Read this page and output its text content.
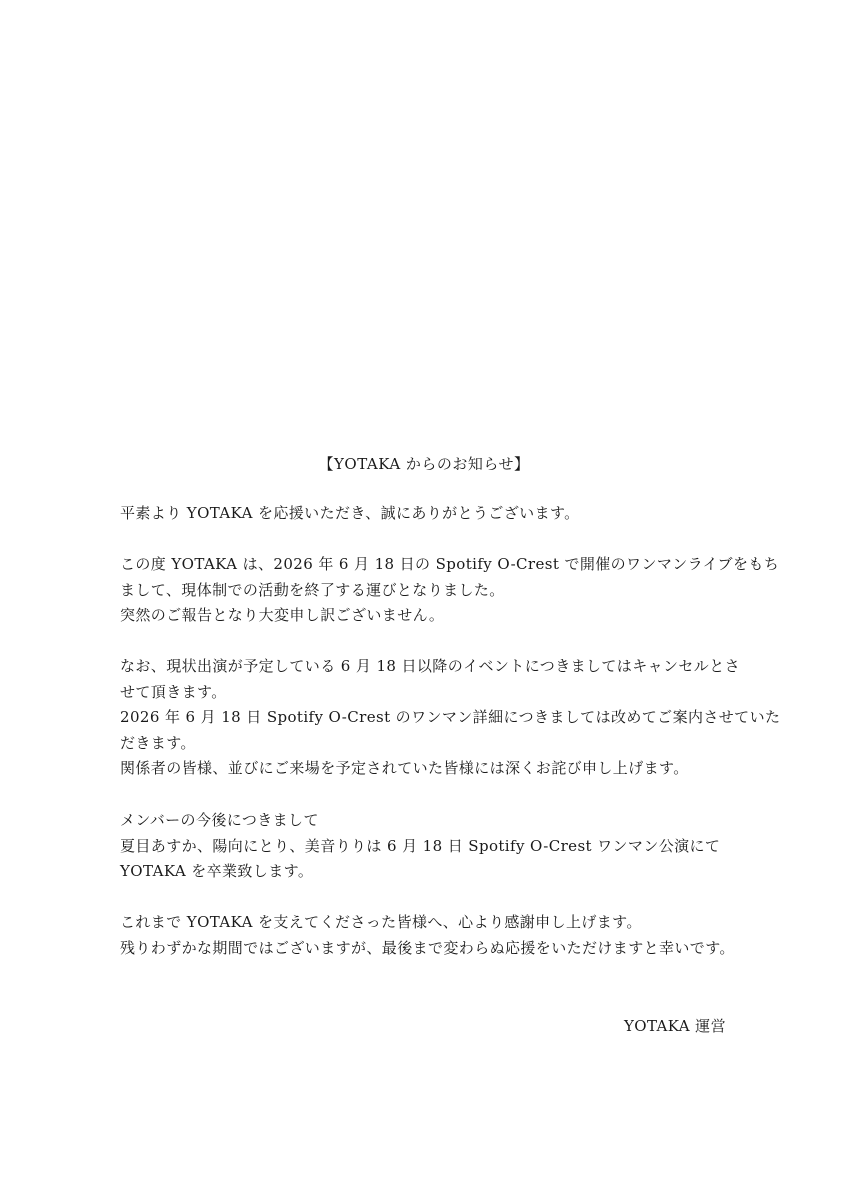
【YOTAKA からのお知らせ】
平素より YOTAKA を応援いただき、誠にありがとうございます。
この度 YOTAKA は、2026 年 6 月 18 日の Spotify O-Crest で開催のワンマンライブをもち
まして、現体制での活動を終了する運びとなりました。
突然のご報告となり大変申し訳ございません。
なお、現状出演が予定している 6 月 18 日以降のイベントにつきましてはキャンセルとさ
せて頂きます。
2026 年 6 月 18 日 Spotify O-Crest のワンマン詳細につきましては改めてご案内させていた
だきます。
関係者の皆様、並びにご来場を予定されていた皆様には深くお詫び申し上げます。
メンバーの今後につきまして
夏目あすか、陽向にとり、美音りりは 6 月 18 日 Spotify O-Crest ワンマン公演にて
YOTAKA を卒業致します。
これまで YOTAKA を支えてくださった皆様へ、心より感謝申し上げます。
残りわずかな期間ではございますが、最後まで変わらぬ応援をいただけますと幸いです。
YOTAKA 運営
